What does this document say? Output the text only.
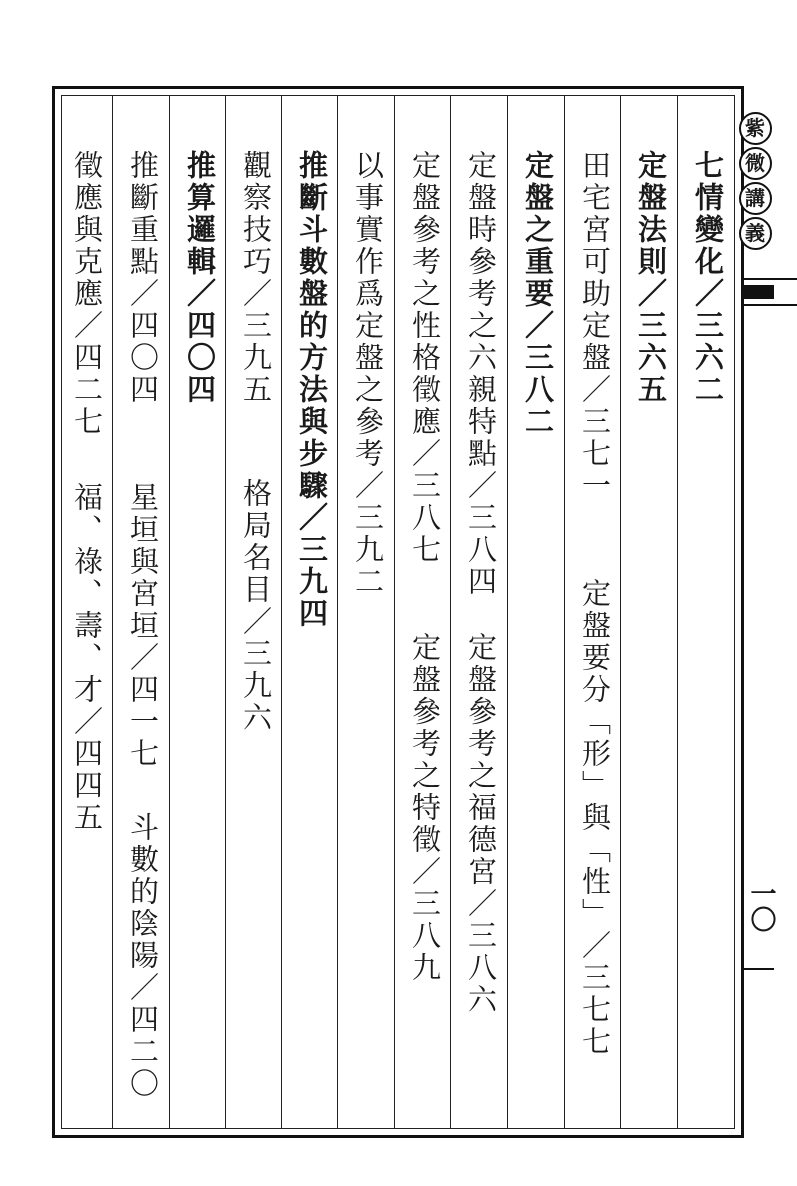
七情變化／三六二
定盤法則／三六五
田宅宮可助定盤／三七一
定盤要分「形」與「性」／三七七
定盤之重要／三八二
定盤時參考之六親特點／三八四
定盤參考之福德宮／三八六
定盤參考之性格徵應／三八七
定盤參考之特徵／三八九
以事實作爲定盤之參考／三九二
推斷斗數盤的方法與步驟／三九四
觀察技巧／三九五
格局名目／三九六
推算邏輯／四〇四
推斷重點／四〇四
星垣與宮垣／四一七
斗數的陰陽／四二〇
徵應與克應／四二七
福、祿、壽、才／四四五
紫
微
講
義
一〇
